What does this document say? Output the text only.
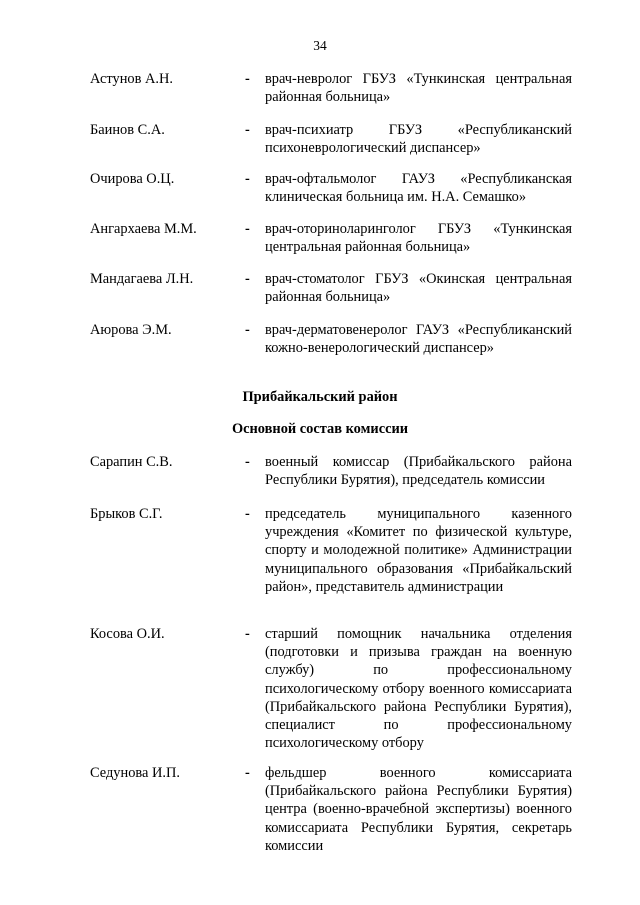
34
Астунов А.Н.	- врач-невролог ГБУЗ «Тункинская центральная районная больница»
Баинов С.А.	- врач-психиатр ГБУЗ «Республиканский психоневрологический диспансер»
Очирова О.Ц.	- врач-офтальмолог ГАУЗ «Республиканская клиническая больница им. Н.А. Семашко»
Ангархаева М.М.	- врач-оториноларинголог ГБУЗ «Тункинская центральная районная больница»
Мандагаева Л.Н.	- врач-стоматолог ГБУЗ «Окинская центральная районная больница»
Аюрова Э.М.	- врач-дерматовенеролог ГАУЗ «Республиканский кожно-венерологический диспансер»
Прибайкальский район
Основной состав комиссии
Сарапин С.В.	- военный комиссар (Прибайкальского района Республики Бурятия), председатель комиссии
Брыков С.Г.	- председатель муниципального казенного учреждения «Комитет по физической культуре, спорту и молодежной политике» Администрации муниципального образования «Прибайкальский район», представитель администрации
Косова О.И.	- старший помощник начальника отделения (подготовки и призыва граждан на военную службу) по профессиональному психологическому отбору военного комиссариата (Прибайкальского района Республики Бурятия), специалист по профессиональному психологическому отбору
Седунова И.П.	- фельдшер военного комиссариата (Прибайкальского района Республики Бурятия) центра (военно-врачебной экспертизы) военного комиссариата Республики Бурятия, секретарь комиссии
